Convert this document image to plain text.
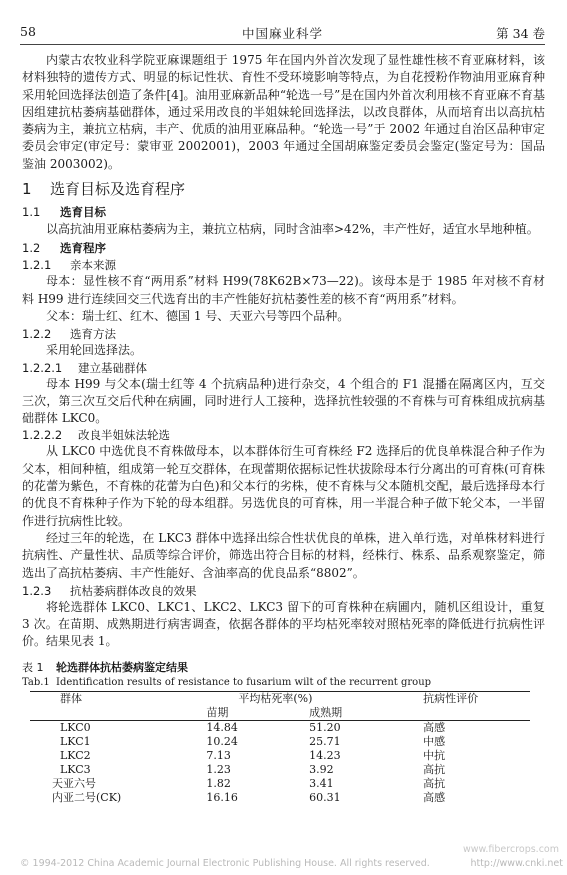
58	中国麻业科学	第 34 卷

内蒙古农牧业科学院亚麻课题组于 1975 年在国内外首次发现了显性雄性核不育亚麻材料，该材料独特的遗传方式、明显的标记性状、育性不受环境影响等特点，为自花授粉作物油用亚麻育种采用轮回选择法创造了条件[4]。油用亚麻新品种“轮选一号”是在国内外首次利用核不育亚麻不育基因组建抗枯萎病基础群体，通过采用改良的半姐妹轮回选择法，以改良群体，从而培育出以高抗枯萎病为主，兼抗立枯病，丰产、优质的油用亚麻品种。“轮选一号”于 2002 年通过自治区品种审定委员会审定(审定号：蒙审亚 2002001)，2003 年通过全国胡麻鉴定委员会鉴定(鉴定号为：国品鉴油 2003002)。

1 选育目标及选育程序
1.1 选育目标

以高抗油用亚麻枯萎病为主，兼抗立枯病，同时含油率>42%，丰产性好，适宜水旱地种植。

1.2 选育程序
1.2.1 亲本来源

母本：显性核不育“两用系”材料 H99(78K62B×73—22)。该母本是于 1985 年对核不育材料 H99 进行连续回交三代选育出的丰产性能好抗枯萎性差的核不育“两用系”材料。

父本：瑞士红、红木、德国 1 号、天亚六号等四个品种。

1.2.2 选育方法

采用轮回选择法。

1.2.2.1 建立基础群体

母本 H99 与父本(瑞士红等 4 个抗病品种)进行杂交，4 个组合的 F1 混播在隔离区内，互交三次，第三次互交后代种在病圃，同时进行人工接种，选择抗性较强的不育株与可育株组成抗病基础群体 LKC0。

1.2.2.2 改良半姐妹法轮选

从 LKC0 中选优良不育株做母本，以本群体衍生可育株经 F2 选择后的优良单株混合种子作为父本，相间种植，组成第一轮互交群体，在现蕾期依据标记性状拔除母本行分离出的可育株(可育株的花蕾为紫色，不育株的花蕾为白色)和父本行的劣株，使不育株与父本随机交配，最后选择母本行的优良不育株种子作为下轮的母本组群。另选优良的可育株，用一半混合种子做下轮父本，一半留作进行抗病性比较。

经过三年的轮选，在 LKC3 群体中选择出综合性状优良的单株，进入单行选，对单株材料进行抗病性、产量性状、品质等综合评价，筛选出符合目标的材料，经株行、株系、品系观察鉴定，筛选出了高抗枯萎病、丰产性能好、含油率高的优良品系“8802”。

1.2.3 抗枯萎病群体改良的效果

将轮选群体 LKC0、LKC1、LKC2、LKC3 留下的可育株种在病圃内，随机区组设计，重复 3 次。在苗期、成熟期进行病害调查，依据各群体的平均枯死率较对照枯死率的降低进行抗病性评价。结果见表 1。

表 1 轮选群体抗枯萎病鉴定结果
Tab.1 Identification results of resistance to fusarium wilt of the recurrent group
群体	平均枯死率(%)		抗病性评价
	苗期	成熟期	
LKC0	14.84	51.20	高感
LKC1	10.24	25.71	中感
LKC2	7.13	14.23	中抗
LKC3	1.23	3.92	高抗
天亚六号	1.82	3.41	高抗
内亚二号(CK)	16.16	60.31	高感
© 1994-2012 China Academic Journal Electronic Publishing House. All rights reserved.	http://www.cnki.net
www.fibercrops.com
